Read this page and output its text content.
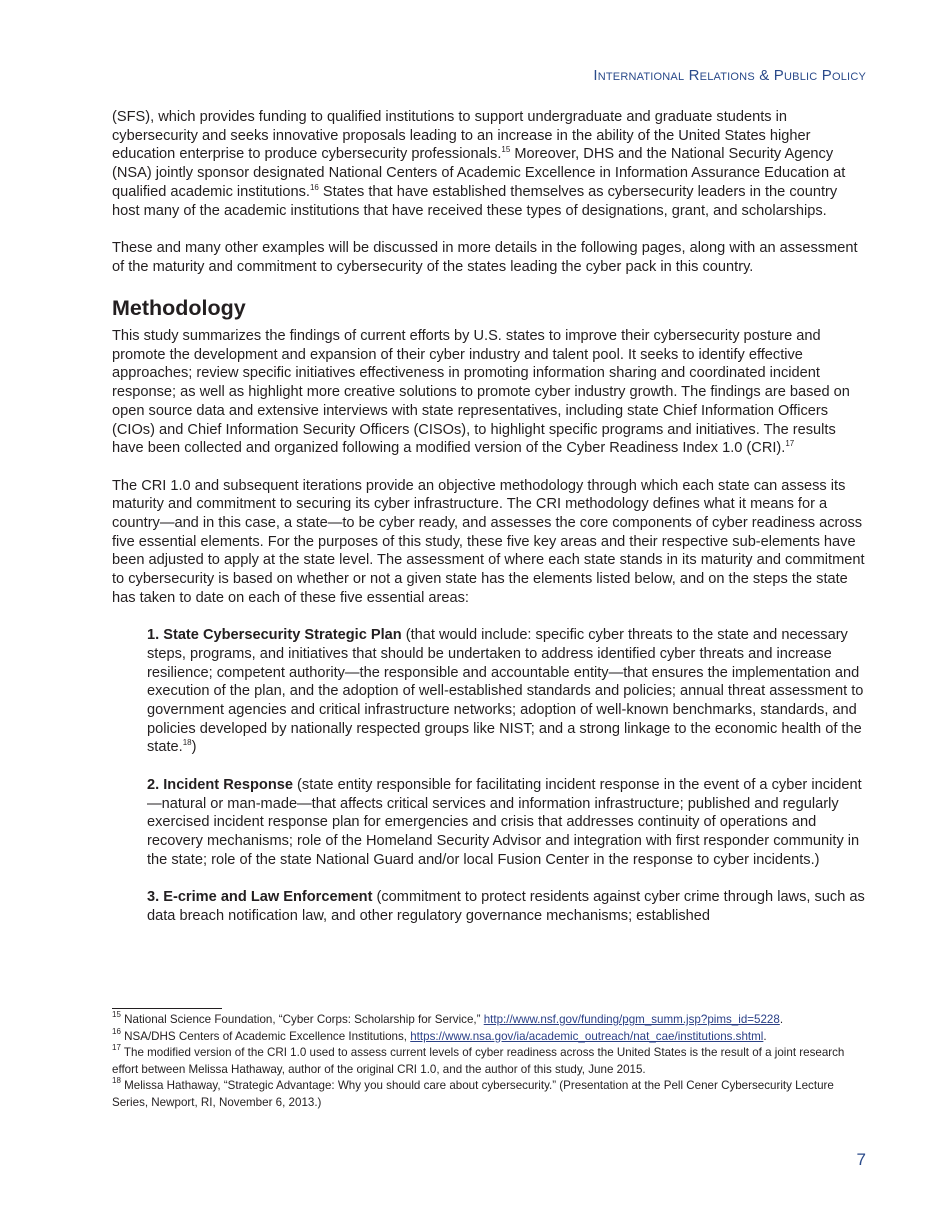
International Relations & Public Policy

(SFS), which provides funding to qualified institutions to support undergraduate and graduate students in cybersecurity and seeks innovative proposals leading to an increase in the ability of the United States higher education enterprise to produce cybersecurity professionals.$^{15}$ Moreover, DHS and the National Security Agency (NSA) jointly sponsor designated National Centers of Academic Excellence in Information Assurance Education at qualified academic institutions.$^{16}$ States that have established themselves as cybersecurity leaders in the country host many of the academic institutions that have received these types of designations, grant, and scholarships.

These and many other examples will be discussed in more details in the following pages, along with an assessment of the maturity and commitment to cybersecurity of the states leading the cyber pack in this country.

Methodology

This study summarizes the findings of current efforts by U.S. states to improve their cybersecurity posture and promote the development and expansion of their cyber industry and talent pool. It seeks to identify effective approaches; review specific initiatives effectiveness in promoting information sharing and coordinated incident response; as well as highlight more creative solutions to promote cyber industry growth. The findings are based on open source data and extensive interviews with state representatives, including state Chief Information Officers (CIOs) and Chief Information Security Officers (CISOs), to highlight specific programs and initiatives. The results have been collected and organized following a modified version of the Cyber Readiness Index 1.0 (CRI).$^{17}$

The CRI 1.0 and subsequent iterations provide an objective methodology through which each state can assess its maturity and commitment to securing its cyber infrastructure. The CRI methodology defines what it means for a country—and in this case, a state—to be cyber ready, and assesses the core components of cyber readiness across five essential elements. For the purposes of this study, these five key areas and their respective sub-elements have been adjusted to apply at the state level. The assessment of where each state stands in its maturity and commitment to cybersecurity is based on whether or not a given state has the elements listed below, and on the steps the state has taken to date on each of these five essential areas:

1. State Cybersecurity Strategic Plan (that would include: specific cyber threats to the state and necessary steps, programs, and initiatives that should be undertaken to address identified cyber threats and increase resilience; competent authority—the responsible and accountable entity—that ensures the implementation and execution of the plan, and the adoption of well-established standards and policies; annual threat assessment to government agencies and critical infrastructure networks; adoption of well-known benchmarks, standards, and policies developed by nationally respected groups like NIST; and a strong linkage to the economic health of the state.$^{18}$)

2. Incident Response (state entity responsible for facilitating incident response in the event of a cyber incident—natural or man-made—that affects critical services and information infrastructure; published and regularly exercised incident response plan for emergencies and crisis that addresses continuity of operations and recovery mechanisms; role of the Homeland Security Advisor and integration with first responder community in the state; role of the state National Guard and/or local Fusion Center in the response to cyber incidents.)

3. E-crime and Law Enforcement (commitment to protect residents against cyber crime through laws, such as data breach notification law, and other regulatory governance mechanisms; established

$^{15}$ National Science Foundation, “Cyber Corps: Scholarship for Service,” http://www.nsf.gov/funding/pgm_summ.jsp?pims_id=5228.

$^{16}$ NSA/DHS Centers of Academic Excellence Institutions, https://www.nsa.gov/ia/academic_outreach/nat_cae/institutions.shtml.

$^{17}$ The modified version of the CRI 1.0 used to assess current levels of cyber readiness across the United States is the result of a joint research effort between Melissa Hathaway, author of the original CRI 1.0, and the author of this study, June 2015.

$^{18}$ Melissa Hathaway, “Strategic Advantage: Why you should care about cybersecurity.” (Presentation at the Pell Cener Cybersecurity Lecture Series, Newport, RI, November 6, 2013.)

7
